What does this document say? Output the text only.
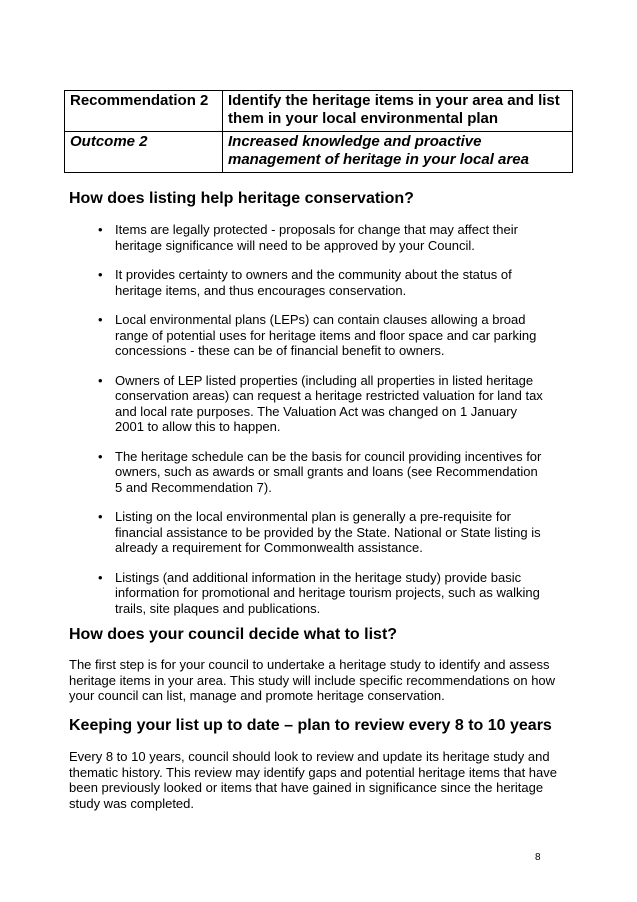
Recommendation 2	Identify the heritage items in your area and list them in your local environmental plan
Outcome 2	Increased knowledge and proactive management of heritage in your local area
How does listing help heritage conservation?
• Items are legally protected - proposals for change that may affect their heritage significance will need to be approved by your Council.
• It provides certainty to owners and the community about the status of heritage items, and thus encourages conservation.
• Local environmental plans (LEPs) can contain clauses allowing a broad range of potential uses for heritage items and floor space and car parking concessions - these can be of financial benefit to owners.
• Owners of LEP listed properties (including all properties in listed heritage conservation areas) can request a heritage restricted valuation for land tax and local rate purposes. The Valuation Act was changed on 1 January 2001 to allow this to happen.
• The heritage schedule can be the basis for council providing incentives for owners, such as awards or small grants and loans (see Recommendation 5 and Recommendation 7).
• Listing on the local environmental plan is generally a pre-requisite for financial assistance to be provided by the State. National or State listing is already a requirement for Commonwealth assistance.
• Listings (and additional information in the heritage study) provide basic information for promotional and heritage tourism projects, such as walking trails, site plaques and publications.
How does your council decide what to list?

The first step is for your council to undertake a heritage study to identify and assess heritage items in your area. This study will include specific recommendations on how your council can list, manage and promote heritage conservation.

Keeping your list up to date – plan to review every 8 to 10 years

Every 8 to 10 years, council should look to review and update its heritage study and thematic history. This review may identify gaps and potential heritage items that have been previously looked or items that have gained in significance since the heritage study was completed.

8
